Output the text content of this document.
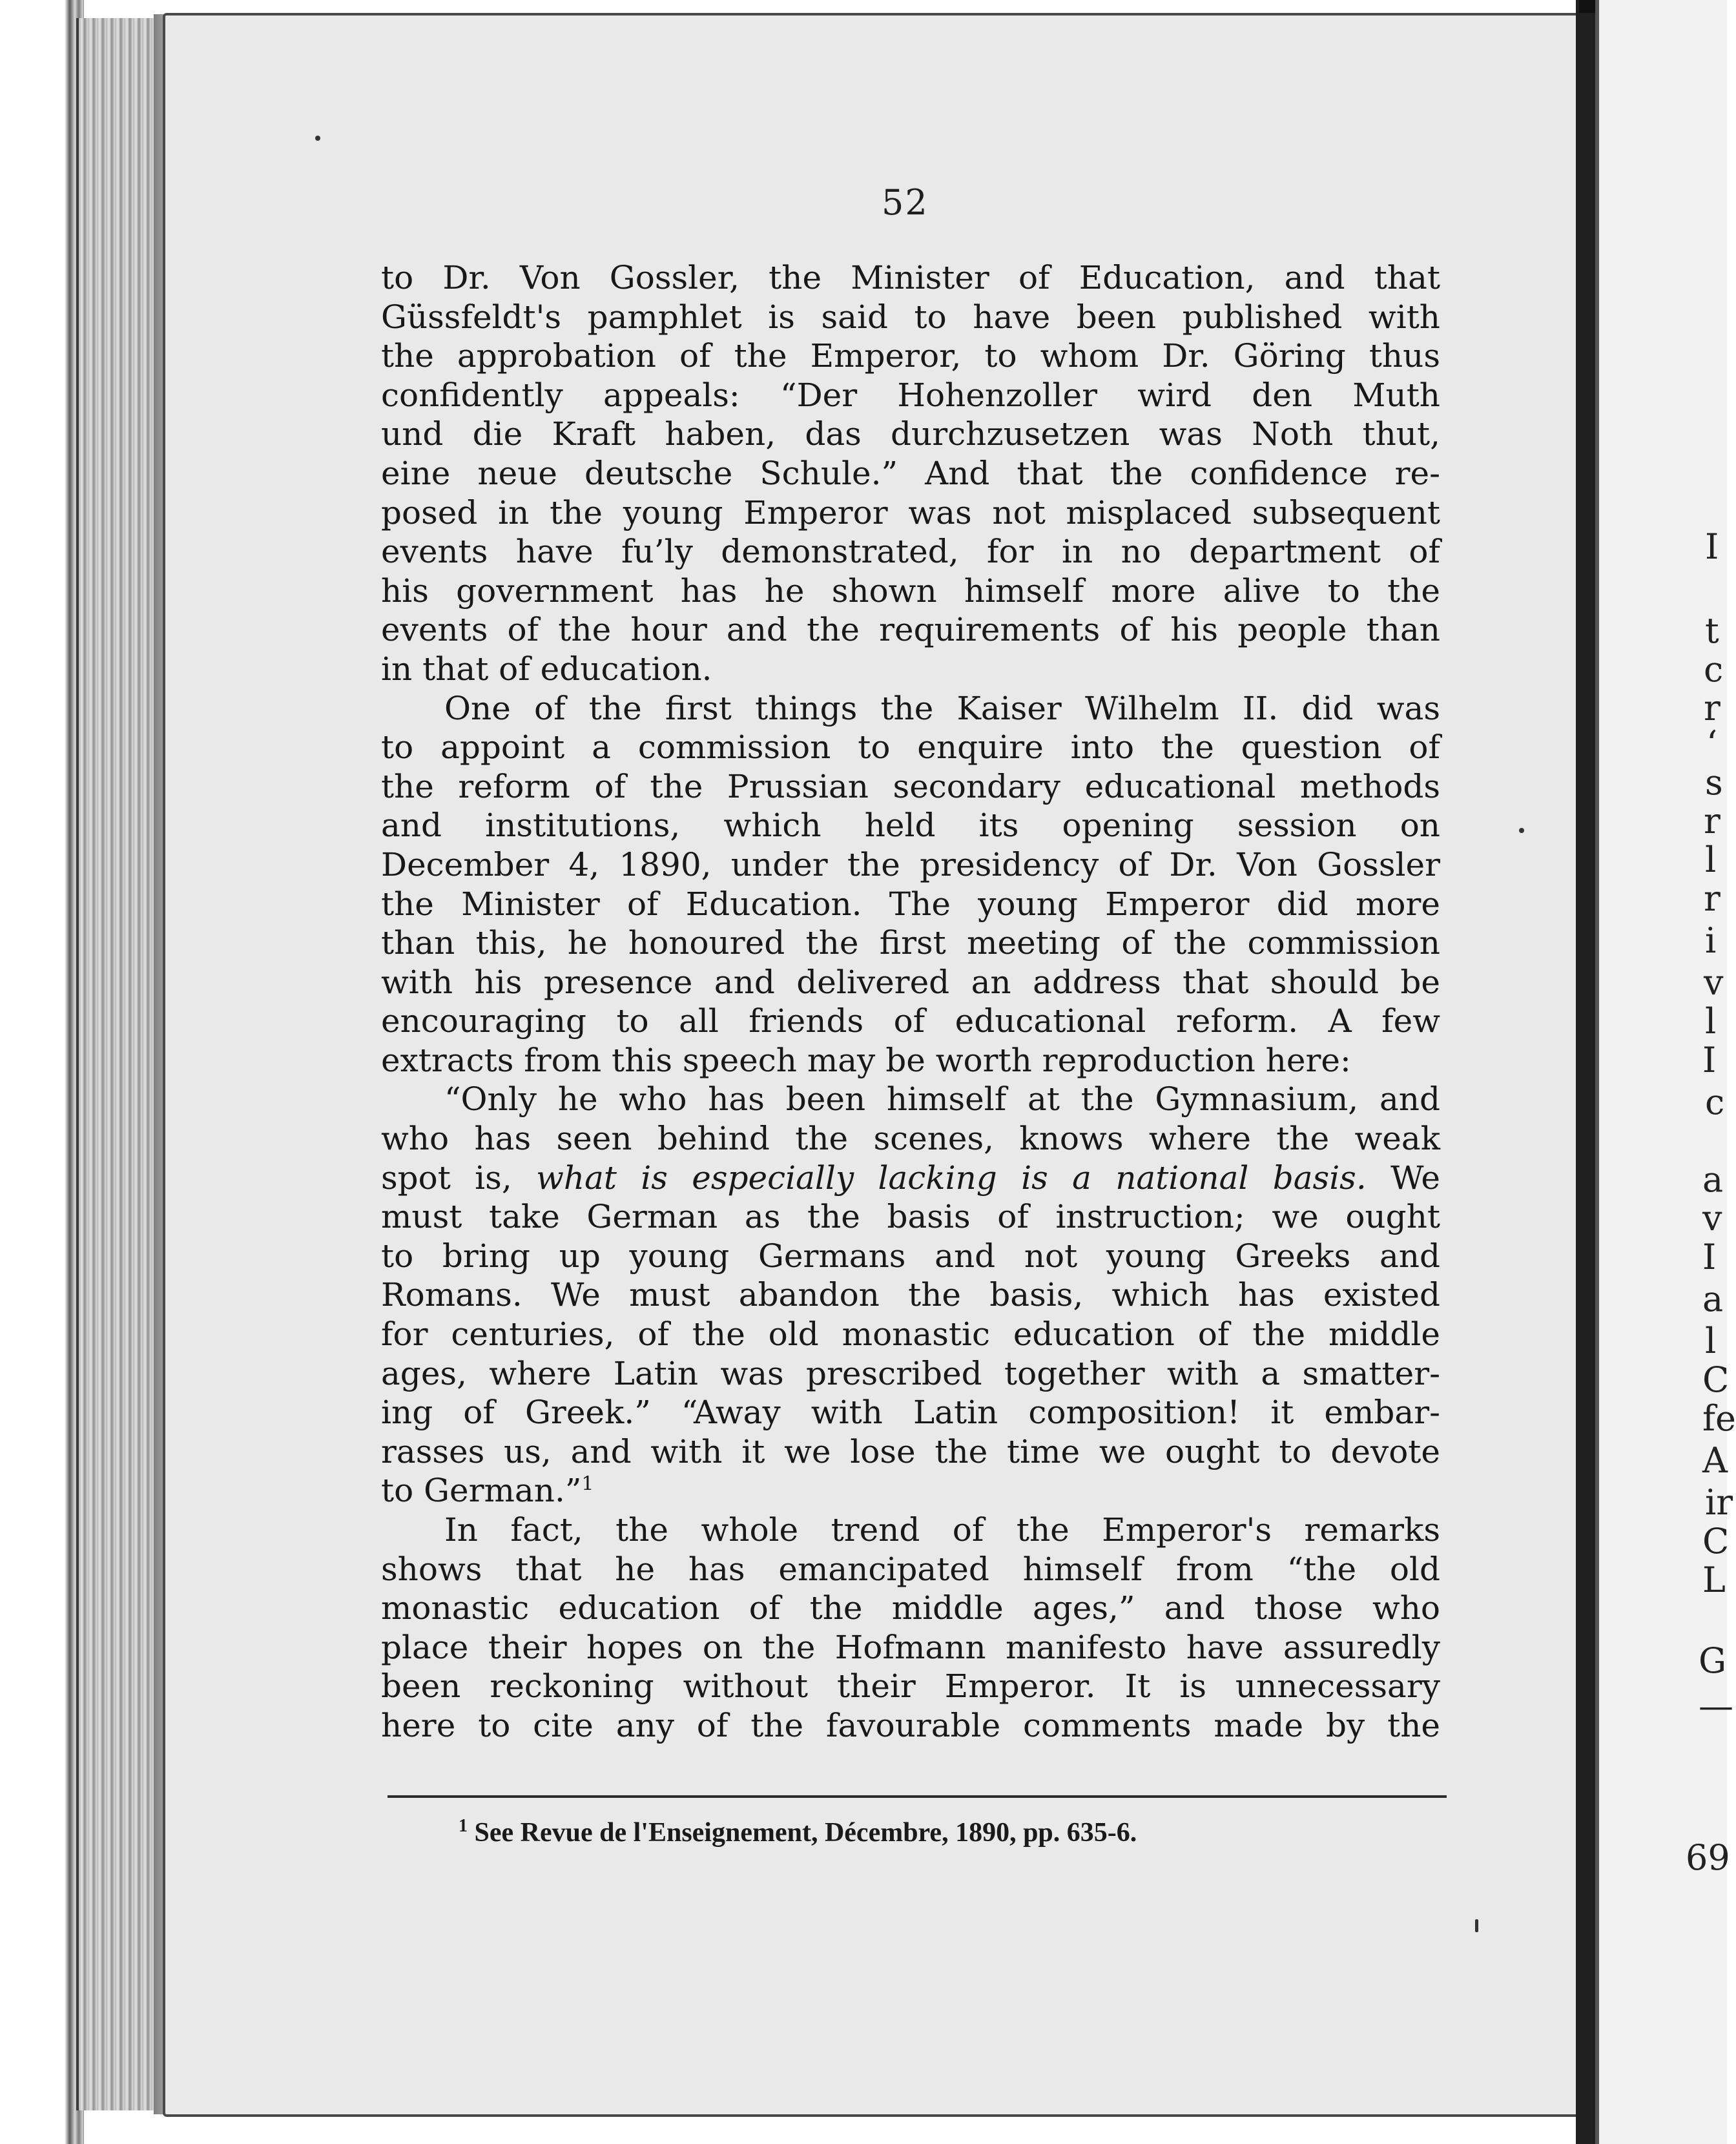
I
t
c
r
‘
s
r
l
r
i
v
l
I
c
a
v
I
a
l
C
fe
A
ir
C
L
G
—
69
52
to Dr. Von Gossler, the Minister of Education, and that
Güssfeldt's pamphlet is said to have been published with
the approbation of the Emperor, to whom Dr. Göring thus
confidently appeals: “Der Hohenzoller wird den Muth
und die Kraft haben, das durchzusetzen was Noth thut,
eine neue deutsche Schule.” And that the confidence re-
posed in the young Emperor was not misplaced subsequent
events have fu’ly demonstrated, for in no department of
his government has he shown himself more alive to the
events of the hour and the requirements of his people than
in that of education.
One of the first things the Kaiser Wilhelm II. did was
to appoint a commission to enquire into the question of
the reform of the Prussian secondary educational methods
and institutions, which held its opening session on
December 4, 1890, under the presidency of Dr. Von Gossler
the Minister of Education. The young Emperor did more
than this, he honoured the first meeting of the commission
with his presence and delivered an address that should be
encouraging to all friends of educational reform. A few
extracts from this speech may be worth reproduction here:
“Only he who has been himself at the Gymnasium, and
who has seen behind the scenes, knows where the weak
spot is, what is especially lacking is a national basis. We
must take German as the basis of instruction; we ought
to bring up young Germans and not young Greeks and
Romans. We must abandon the basis, which has existed
for centuries, of the old monastic education of the middle
ages, where Latin was prescribed together with a smatter-
ing of Greek.” “Away with Latin composition! it embar-
rasses us, and with it we lose the time we ought to devote
to German.”$^1$
In fact, the whole trend of the Emperor's remarks
shows that he has emancipated himself from “the old
monastic education of the middle ages,” and those who
place their hopes on the Hofmann manifesto have assuredly
been reckoning without their Emperor. It is unnecessary
here to cite any of the favourable comments made by the
$^1$ See Revue de l'Enseignement, Décembre, 1890, pp. 635-6.
